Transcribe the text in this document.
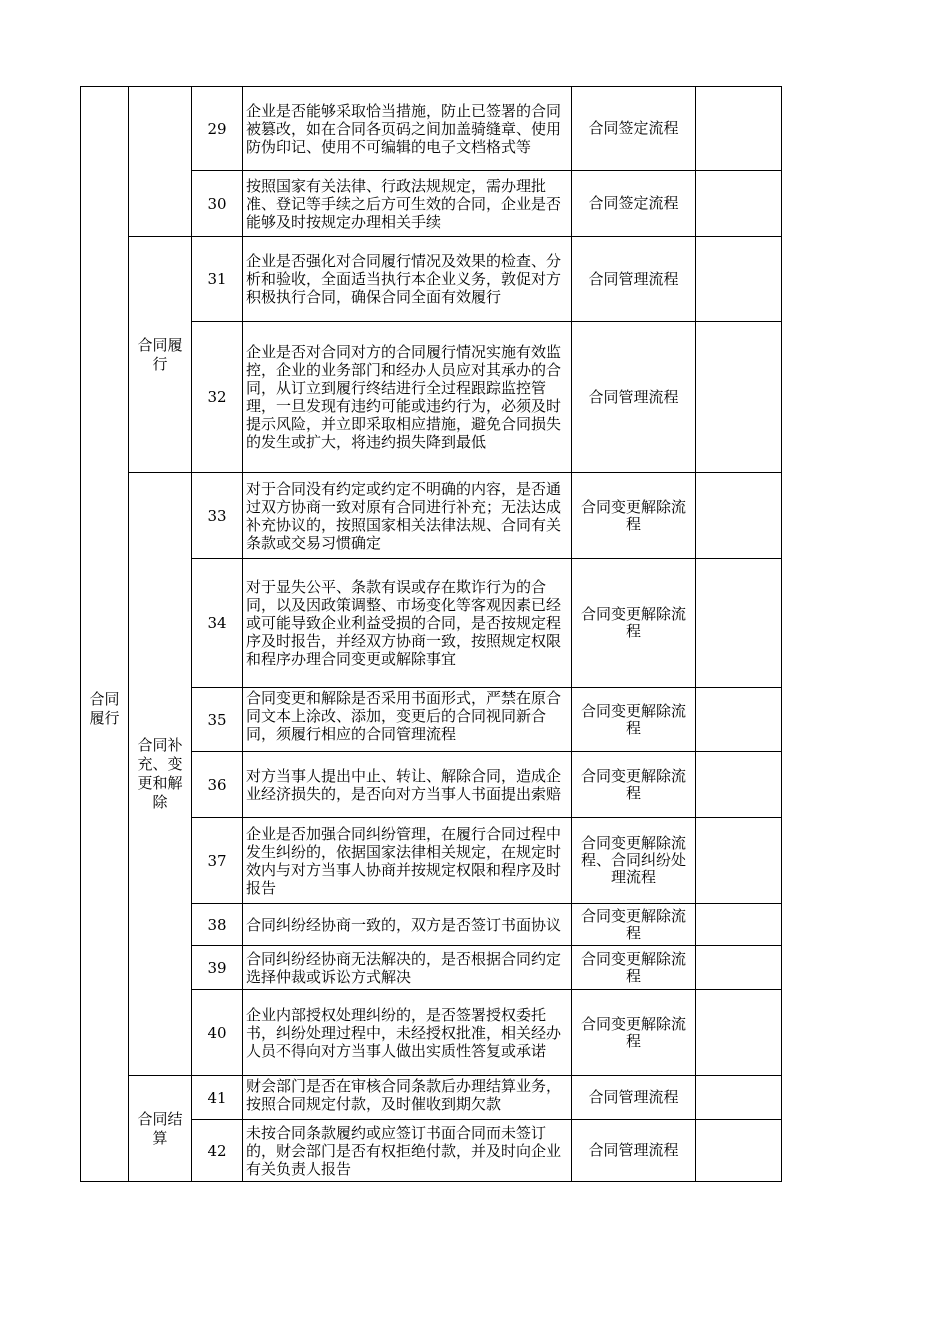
		29	企业是否能够采取恰当措施，防止已签署的合同被篡改，如在合同各页码之间加盖骑缝章、使用防伪印记、使用不可编辑的电子文档格式等	合同签定流程	
		30	按照国家有关法律、行政法规规定，需办理批准、登记等手续之后方可生效的合同，企业是否能够及时按规定办理相关手续	合同签定流程	
合同履行	合同履行	31	企业是否强化对合同履行情况及效果的检查、分析和验收，全面适当执行本企业义务，敦促对方积极执行合同，确保合同全面有效履行	合同管理流程	
		32	企业是否对合同对方的合同履行情况实施有效监控，企业的业务部门和经办人员应对其承办的合同，从订立到履行终结进行全过程跟踪监控管理，一旦发现有违约可能或违约行为，必须及时提示风险，并立即采取相应措施，避免合同损失的发生或扩大，将违约损失降到最低	合同管理流程	
	合同补充、变更和解除	33	对于合同没有约定或约定不明确的内容，是否通过双方协商一致对原有合同进行补充；无法达成补充协议的，按照国家相关法律法规、合同有关条款或交易习惯确定	合同变更解除流程	
		34	对于显失公平、条款有误或存在欺诈行为的合同，以及因政策调整、市场变化等客观因素已经或可能导致企业利益受损的合同，是否按规定程序及时报告，并经双方协商一致，按照规定权限和程序办理合同变更或解除事宜	合同变更解除流程	
		35	合同变更和解除是否采用书面形式，严禁在原合同文本上涂改、添加，变更后的合同视同新合同，须履行相应的合同管理流程	合同变更解除流程	
		36	对方当事人提出中止、转让、解除合同，造成企业经济损失的，是否向对方当事人书面提出索赔	合同变更解除流程	
		37	企业是否加强合同纠纷管理，在履行合同过程中发生纠纷的，依据国家法律相关规定，在规定时效内与对方当事人协商并按规定权限和程序及时报告	合同变更解除流程、合同纠纷处理流程	
		38	合同纠纷经协商一致的，双方是否签订书面协议	合同变更解除流程	
		39	合同纠纷经协商无法解决的，是否根据合同约定选择仲裁或诉讼方式解决	合同变更解除流程	
		40	企业内部授权处理纠纷的，是否签署授权委托书，纠纷处理过程中，未经授权批准，相关经办人员不得向对方当事人做出实质性答复或承诺	合同变更解除流程	
	合同结算	41	财会部门是否在审核合同条款后办理结算业务，按照合同规定付款，及时催收到期欠款	合同管理流程	
		42	未按合同条款履约或应签订书面合同而未签订的，财会部门是否有权拒绝付款，并及时向企业有关负责人报告	合同管理流程	
